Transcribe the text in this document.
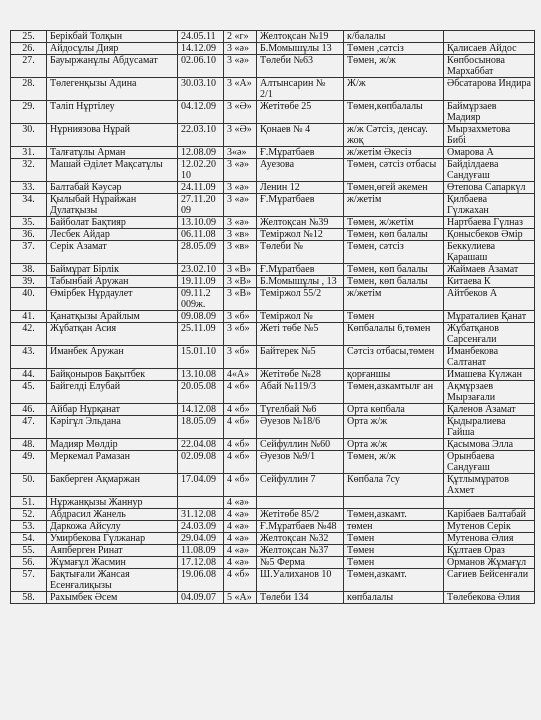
25.	Берікбай Толқын	24.05.11	2 «г»	Желтоқсан №19	к/балалы	
26.	Айдосұлы Дияр	14.12.09	3 «ә»	Б.Момышұлы 13	Төмен ,сәтсіз	Қалисаев Айдос
27.	Бауыржанұлы Абдусамат	02.06.10	3 «ә»	Төлеби №63	Төмен, ж/ж	Көпбосынова Мархаббат
28.	Төлегенқызы Адина	30.03.10	3 «А»	Алтынсарин № 2/1	Ж/ж	Әбсатарова Индира
29.	Тәліп Нұртілеу	04.12.09	3 «Ә»	Жетітөбе 25	Төмен,көпбалалы	Баймұрзаев Мадияр
30.	Нұрниязова Нұрай	22.03.10	3 «Ә»	Қонаев № 4	ж/ж Сәтсіз, денсау. жоқ	Мырзахметова Бибі
31.	Талғатұлы Арман	12.08.09	3«ә»	Ғ.Мұратбаев	ж/жетім Әкесіз	Омарова А
32.	Машай Әділет Мақсатұлы	12.02.20 10	3 «ә»	Ауезова	Төмен, сәтсіз отбасы	Байділдаева Сандуғаш
33.	Балтабай Кәусәр	24.11.09	3 «ә»	Ленин 12	Төмен,өгей әкемен	Өтепова Сапаркүл
34.	Қылыбай Нұрайжан Дулатқызы	27.11.20 09	3 «ә»	Ғ.Мұратбаев	ж/жетім	Қилбаева Гүлжахан
35.	Байболат Бақтияр	13.10.09	3 «ә»	Желтоқсан №39	Төмен, ж/жетім	Нартбаева Гүлназ
36.	Лесбек Айдар	06.11.08	3 «в»	Теміржол №12	Төмен, көп балалы	Қонысбеков Әмір
37.	Серік Азамат	28.05.09	3 «в»	Төлеби №	Төмен, сәтсіз	Беккулиева Қарашаш
38.	Баймұрат Бірлік	23.02.10	3 «В»	Ғ.Мұратбаев	Төмен, көп балалы	Жаймаев Азамат
39.	Табынбай Аружан	19.11.09	3 «В»	Б.Момышұлы , 13	Төмен, көп балалы	Китаева К
40.	Өмірбек Нұрдаулет	09.11.2 009ж.	3 «В»	Теміржол 55/2	ж/жетім	Айтбеков А
41.	Қанатқызы Арайлым	09.08.09	3 «б»	Теміржол №	Төмен	Мұраталиев Қанат
42.	Жұбатқан Асия	25.11.09	3 «б»	Жеті төбе №5	Көпбалалы 6,төмен	Жұбатқанов Сарсенғали
43.	Иманбек Аружан	15.01.10	3 «б»	Байтерек №5	Сәтсіз отбасы,төмен	Иманбекова Салтанат
44.	Байқоныров Бақытбек	13.10.08	4«А»	Жетітөбе №28	қорғаншы	Имашева Күлжан
45.	Байгелді Елубай	20.05.08	4 «б»	Абай №119/3	Төмен,азкамтылғ ан	Ақмұрзаев Мырзағали
46.	Айбар Нұрқанат	14.12.08	4 «б»	Түгелбай №6	Орта көпбала	Қаленов Азамат
47.	Кәрігұл Эльдана	18.05.09	4 «б»	Әуезов №18/6	Орта ж/ж	Қыдыралиева Гайша
48.	Мадияр Мөлдір	22.04.08	4 «б»	Сейфуллин №60	Орта ж/ж	Қасымова Элла
49.	Меркемал Рамазан	02.09.08	4 «б»	Әуезов №9/1	Төмен, ж/ж	Орынбаева Сандуғаш
50.	Бакберген Ақмаржан	17.04.09	4 «б»	Сейфуллин 7	Көпбала 7су	Құтлымұратов Ахмет
51.	Нұржанқызы Жаннур		4 «ә»			
52.	Абдрасил Жанель	31.12.08	4 «ә»	Жетітөбе 85/2	Төмен,азкамт.	Карібаев Балтабай
53.	Даркожа Айсулу	24.03.09	4 «ә»	Ғ.Мұратбаев №48	төмен	Мутенов Серік
54.	Умирбекова Гүлжанар	29.04.09	4 «ә»	Желтоқсан №32	Төмен	Мутенова Әлия
55.	Аяпберген Ринат	11.08.09	4 «ә»	Желтоқсан №37	Төмен	Құлтаев Ораз
56.	Жұмағұл Жасмин	17.12.08	4 «ә»	№5 Ферма	Төмен	Орманов Жұмағұл
57.	Бақтығали Жансая Есенғалиқызы	19.06.08	4 «б»	Ш.Уалиханов 10	Төмен,азкамт.	Сағиев Бейсенғали
58.	Рахымбек Әсем	04.09.07	5 «А»	Төлеби 134	көпбалалы	Төлебекова Әлия
